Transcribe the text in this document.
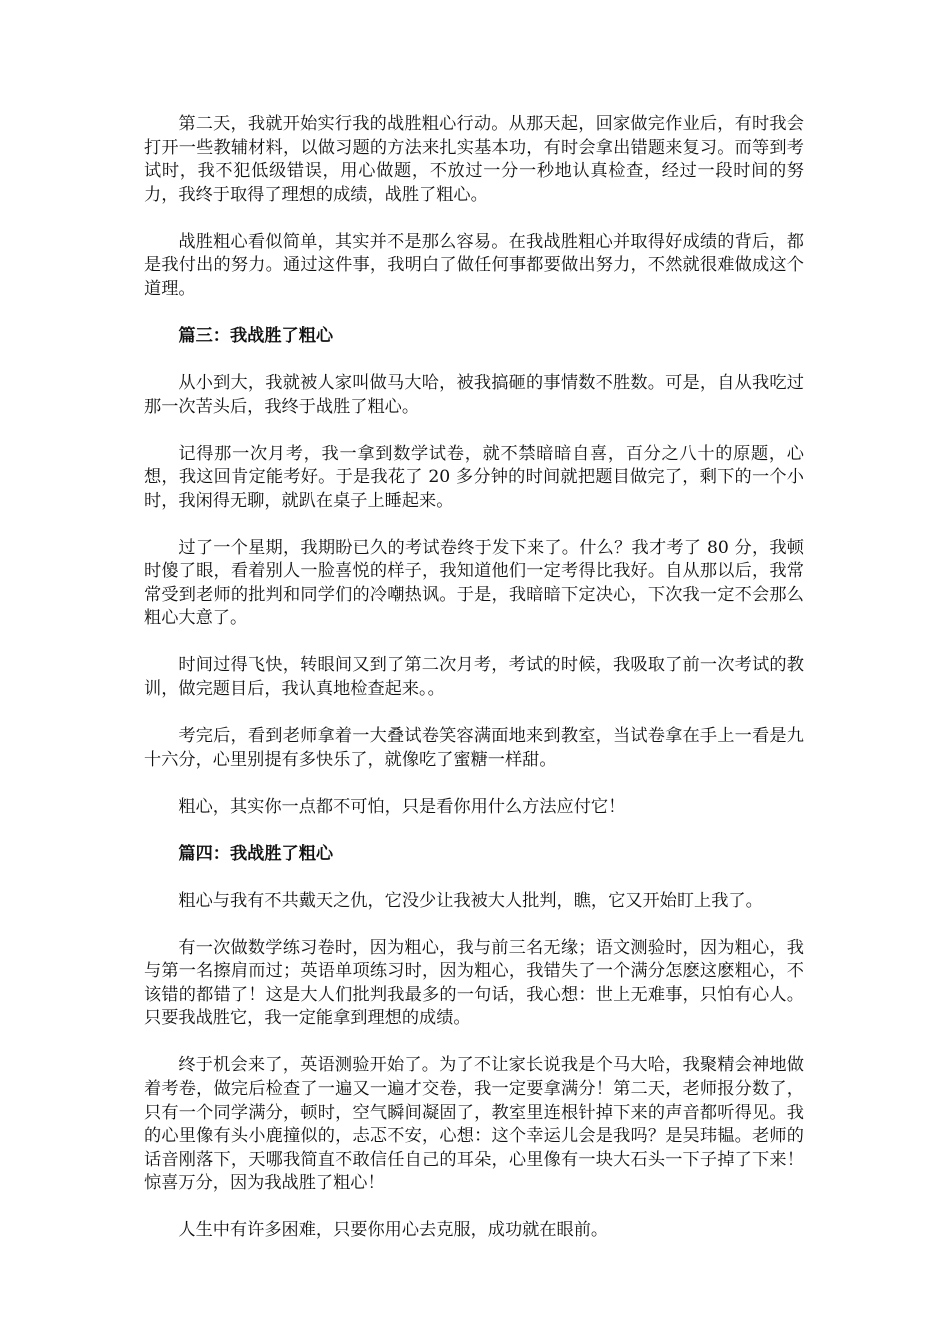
第二天，我就开始实行我的战胜粗心行动。从那天起，回家做完作业后，有时我会打开一些教辅材料，以做习题的方法来扎实基本功，有时会拿出错题来复习。而等到考试时，我不犯低级错误，用心做题，不放过一分一秒地认真检查，经过一段时间的努力，我终于取得了理想的成绩，战胜了粗心。

战胜粗心看似简单，其实并不是那么容易。在我战胜粗心并取得好成绩的背后，都是我付出的努力。通过这件事，我明白了做任何事都要做出努力，不然就很难做成这个道理。

篇三：我战胜了粗心

从小到大，我就被人家叫做马大哈，被我搞砸的事情数不胜数。可是，自从我吃过那一次苦头后，我终于战胜了粗心。

记得那一次月考，我一拿到数学试卷，就不禁暗暗自喜，百分之八十的原题，心想，我这回肯定能考好。于是我花了 20 多分钟的时间就把题目做完了，剩下的一个小时，我闲得无聊，就趴在桌子上睡起来。

过了一个星期，我期盼已久的考试卷终于发下来了。什么？我才考了 80 分，我顿时傻了眼，看着别人一脸喜悦的样子，我知道他们一定考得比我好。自从那以后，我常常受到老师的批判和同学们的冷嘲热讽。于是，我暗暗下定决心，下次我一定不会那么粗心大意了。

时间过得飞快，转眼间又到了第二次月考，考试的时候，我吸取了前一次考试的教训，做完题目后，我认真地检查起来。。

考完后，看到老师拿着一大叠试卷笑容满面地来到教室，当试卷拿在手上一看是九十六分，心里别提有多快乐了，就像吃了蜜糖一样甜。

粗心，其实你一点都不可怕，只是看你用什么方法应付它！

篇四：我战胜了粗心

粗心与我有不共戴天之仇，它没少让我被大人批判，瞧，它又开始盯上我了。

有一次做数学练习卷时，因为粗心，我与前三名无缘；语文测验时，因为粗心，我与第一名擦肩而过；英语单项练习时，因为粗心，我错失了一个满分怎麽这麽粗心，不该错的都错了！这是大人们批判我最多的一句话，我心想：世上无难事，只怕有心人。只要我战胜它，我一定能拿到理想的成绩。

终于机会来了，英语测验开始了。为了不让家长说我是个马大哈，我聚精会神地做着考卷，做完后检查了一遍又一遍才交卷，我一定要拿满分！第二天，老师报分数了，只有一个同学满分，顿时，空气瞬间凝固了，教室里连根针掉下来的声音都听得见。我的心里像有头小鹿撞似的，忐忑不安，心想：这个幸运儿会是我吗？是吴玮韫。老师的话音刚落下，天哪我简直不敢信任自己的耳朵，心里像有一块大石头一下子掉了下来！惊喜万分，因为我战胜了粗心！

人生中有许多困难，只要你用心去克服，成功就在眼前。
